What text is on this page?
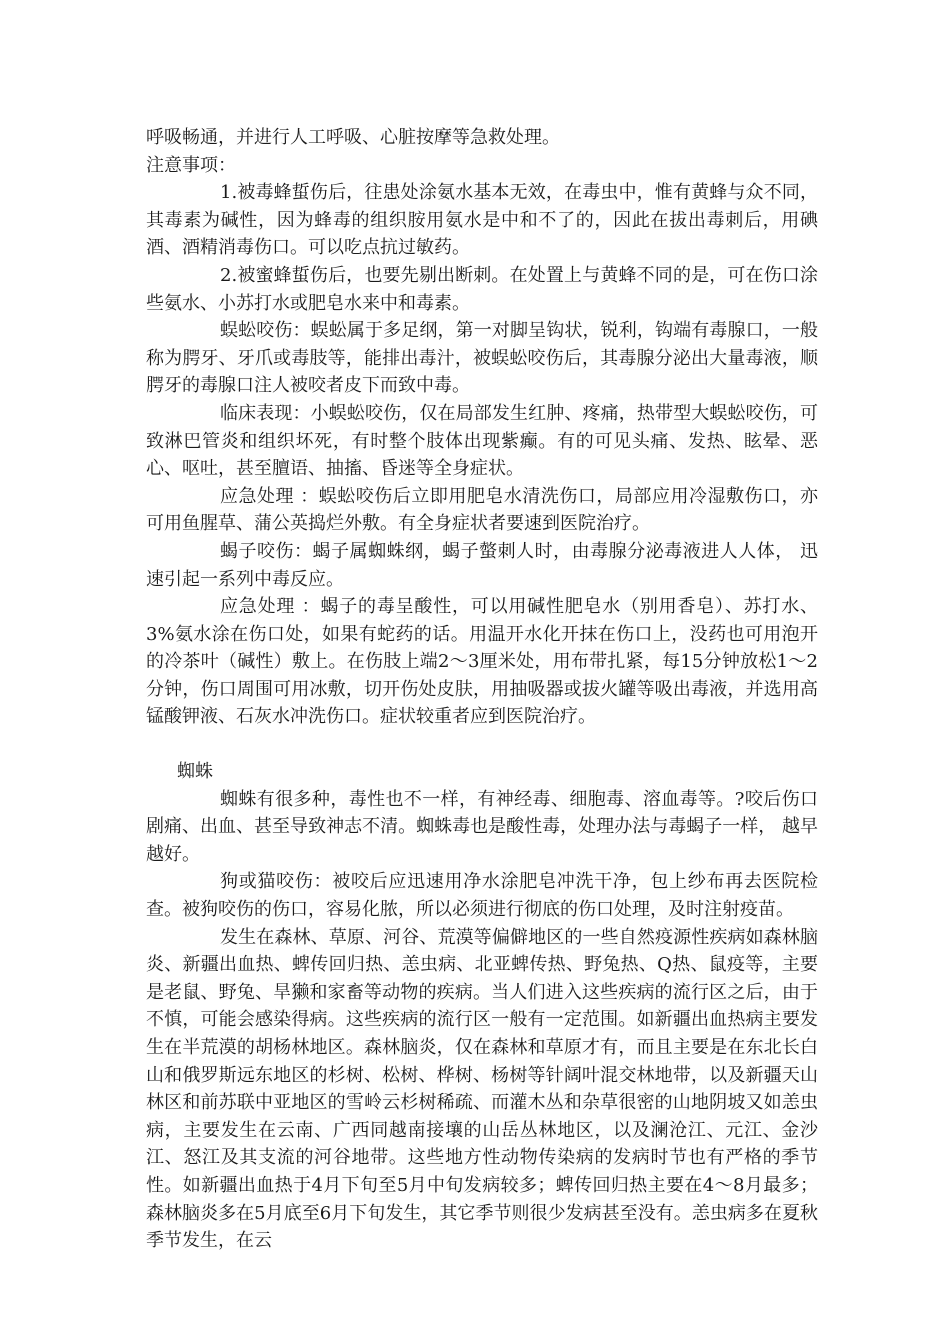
呼吸畅通，并进行人工呼吸、心脏按摩等急救处理。

注意事项：

1.被毒蜂蜇伤后，往患处涂氨水基本无效，在毒虫中，惟有黄蜂与众不同，其毒素为碱性，因为蜂毒的组织胺用氨水是中和不了的，因此在拔出毒刺后，用碘酒、酒精消毒伤口。可以吃点抗过敏药。

2.被蜜蜂蜇伤后，也要先剔出断刺。在处置上与黄蜂不同的是，可在伤口涂些氨水、小苏打水或肥皂水来中和毒素。

蜈蚣咬伤：蜈蚣属于多足纲，第一对脚呈钩状，锐利，钩端有毒腺口，一般称为腭牙、牙爪或毒肢等，能排出毒汁，被蜈蚣咬伤后，其毒腺分泌出大量毒液，顺腭牙的毒腺口注人被咬者皮下而致中毒。

临床表现：小蜈蚣咬伤，仅在局部发生红肿、疼痛，热带型大蜈蚣咬伤，可致淋巴管炎和组织坏死，有时整个肢体出现紫癫。有的可见头痛、发热、眩晕、恶心、呕吐，甚至膻语、抽搐、昏迷等全身症状。

应急处理 ：蜈蚣咬伤后立即用肥皂水清洗伤口，局部应用冷湿敷伤口，亦可用鱼腥草、蒲公英捣烂外敷。有全身症状者要速到医院治疗。

蝎子咬伤：蝎子属蜘蛛纲，蝎子螫刺人时，由毒腺分泌毒液进人人体， 迅速引起一系列中毒反应。

应急处理 ：蝎子的毒呈酸性，可以用碱性肥皂水（别用香皂）、苏打水、3%氨水涂在伤口处，如果有蛇药的话。用温开水化开抹在伤口上，没药也可用泡开的冷茶叶（碱性）敷上。在伤肢上端2～3厘米处，用布带扎紧，每15分钟放松1～2分钟，伤口周围可用冰敷，切开伤处皮肤，用抽吸器或拔火罐等吸出毒液，并选用高锰酸钾液、石灰水冲洗伤口。症状较重者应到医院治疗。

蜘蛛

蜘蛛有很多种，毒性也不一样，有神经毒、细胞毒、溶血毒等。?咬后伤口剧痛、出血、甚至导致神志不清。蜘蛛毒也是酸性毒，处理办法与毒蝎子一样， 越早越好。

狗或猫咬伤：被咬后应迅速用净水涂肥皂冲洗干净，包上纱布再去医院检查。被狗咬伤的伤口，容易化脓，所以必须进行彻底的伤口处理，及时注射疫苗。

发生在森林、草原、河谷、荒漠等偏僻地区的一些自然疫源性疾病如森林脑炎、新疆出血热、蜱传回归热、恙虫病、北亚蜱传热、野兔热、Q热、鼠疫等，主要是老鼠、野兔、旱獭和家畜等动物的疾病。当人们进入这些疾病的流行区之后，由于不慎，可能会感染得病。这些疾病的流行区一般有一定范围。如新疆出血热病主要发生在半荒漠的胡杨林地区。森林脑炎，仅在森林和草原才有，而且主要是在东北长白山和俄罗斯远东地区的杉树、松树、桦树、杨树等针阔叶混交林地带，以及新疆天山林区和前苏联中亚地区的雪岭云杉树稀疏、而灌木丛和杂草很密的山地阴坡又如恙虫病，主要发生在云南、广西同越南接壤的山岳丛林地区，以及澜沧江、元江、金沙江、怒江及其支流的河谷地带。这些地方性动物传染病的发病时节也有严格的季节性。如新疆出血热于4月下旬至5月中旬发病较多；蜱传回归热主要在4～8月最多；森林脑炎多在5月底至6月下旬发生，其它季节则很少发病甚至没有。恙虫病多在夏秋季节发生，在云
